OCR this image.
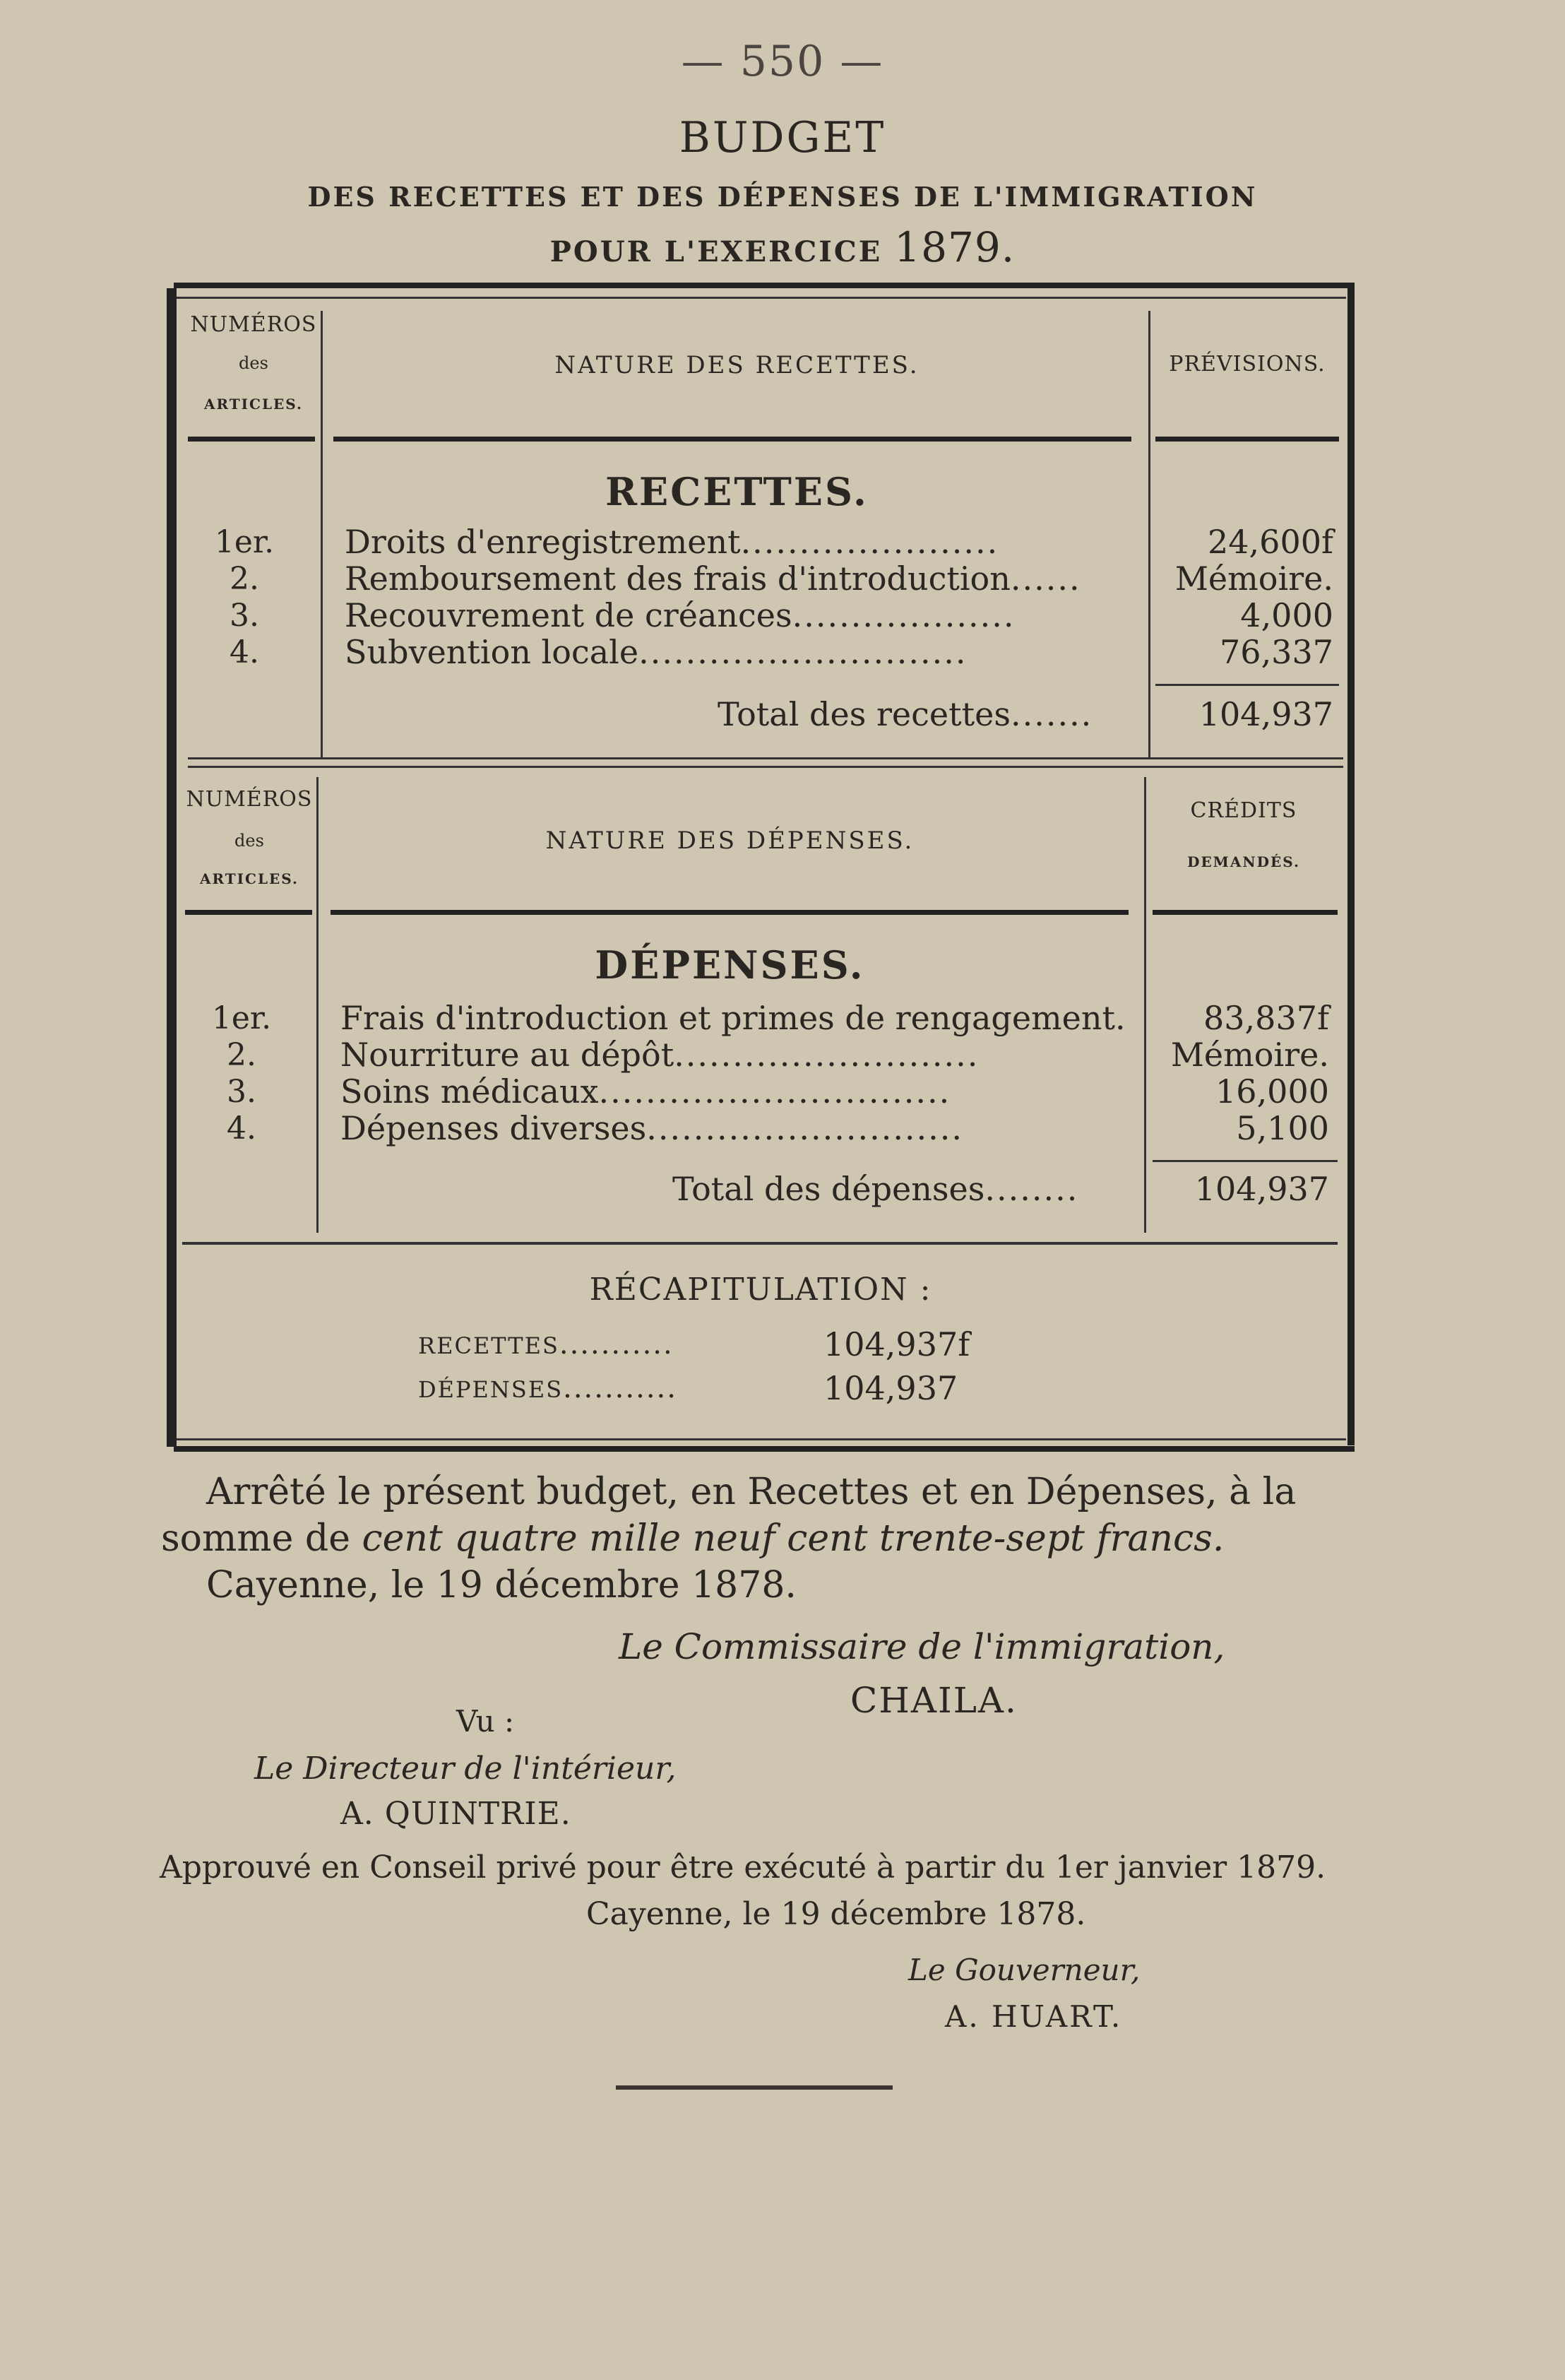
— 550 —
BUDGET
DES RECETTES ET DES DÉPENSES DE L'IMMIGRATION
POUR L'EXERCICE 1879.
NUMÉROS
des
ARTICLES.
NATURE DES RECETTES.	PRÉVISIONS.
RECETTES.
1er.	Droits d'enregistrement......................	24,600f
2.	Remboursement des frais d'introduction......	Mémoire.
3.	Recouvrement de créances...................	4,000
4.	Subvention locale............................	76,337
Total des recettes.......	104,937
NUMÉROS
des
ARTICLES.
NATURE DES DÉPENSES.
CRÉDITS
DEMANDÉS.
DÉPENSES.
1er.	Frais d'introduction et primes de rengagement.	83,837f
2.	Nourriture au dépôt..........................	Mémoire.
3.	Soins médicaux..............................	16,000
4.	Dépenses diverses...........................	5,100
Total des dépenses........	104,937
RÉCAPITULATION :
RECETTES...........	104,937f
DÉPENSES...........	104,937
Arrêté le présent budget, en Recettes et en Dépenses, à la
somme de cent quatre mille neuf cent trente-sept francs.
Cayenne, le 19 décembre 1878.
Le Commissaire de l'immigration,
CHAILA.
Vu :
Le Directeur de l'intérieur,
A. QUINTRIE.
Approuvé en Conseil privé pour être exécuté à partir du 1er janvier 1879.
Cayenne, le 19 décembre 1878.
Le Gouverneur,
A. HUART.
